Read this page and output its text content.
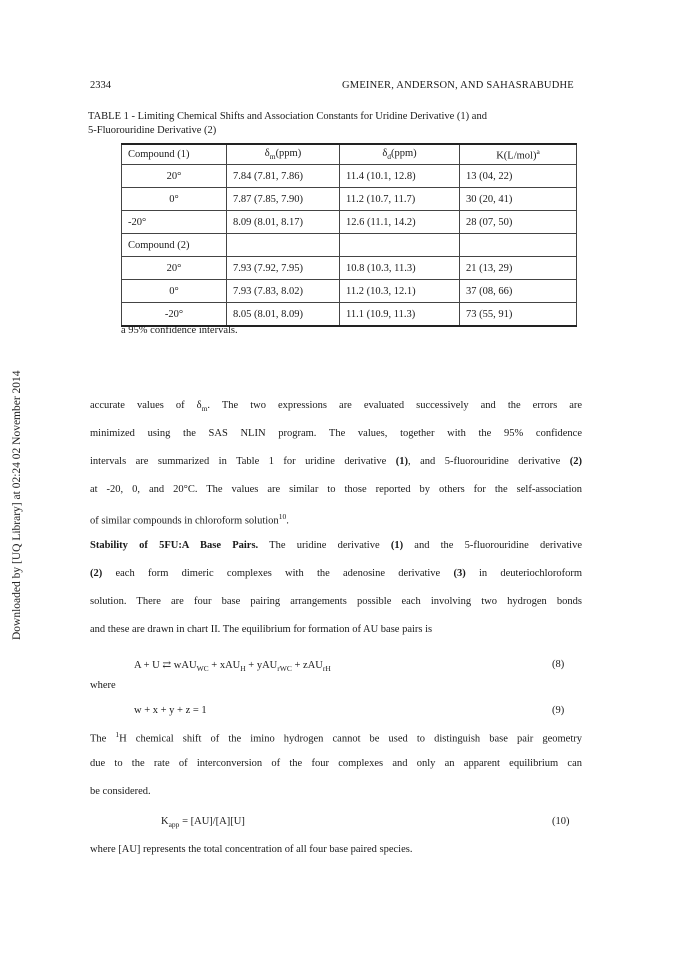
Downloaded by [UQ Library] at 02:24 02 November 2014
2334	GMEINER, ANDERSON, AND SAHASRABUDHE
TABLE 1 - Limiting Chemical Shifts and Association Constants for Uridine Derivative (1) and
5-Fluorouridine Derivative (2)
Compound (1)	$\delta_m(ppm)$	$\delta_d(ppm)$	$K(L/mol)^a$
20°	7.84 (7.81, 7.86)	11.4 (10.1, 12.8)	13 (04, 22)
0°	7.87 (7.85, 7.90)	11.2 (10.7, 11.7)	30 (20, 41)
-20°	8.09 (8.01, 8.17)	12.6 (11.1, 14.2)	28 (07, 50)
Compound (2)			
20°	7.93 (7.92, 7.95)	10.8 (10.3, 11.3)	21 (13, 29)
0°	7.93 (7.83, 8.02)	11.2 (10.3, 12.1)	37 (08, 66)
-20°	8.05 (8.01, 8.09)	11.1 (10.9, 11.3)	73 (55, 91)
a 95% confidence intervals.
accurate values of $\delta_m$. The two expressions are evaluated successively and the errors are
minimized using the SAS NLIN program. The values, together with the 95% confidence
intervals are summarized in Table 1 for uridine derivative (1), and 5-fluorouridine derivative (2)
at -20, 0, and 20°C. The values are similar to those reported by others for the self-association
of similar compounds in chloroform solution$^{10}$.
Stability of 5FU:A Base Pairs. The uridine derivative (1) and the 5-fluorouridine derivative
(2) each form dimeric complexes with the adenosine derivative (3) in deuteriochloroform
solution. There are four base pairing arrangements possible each involving two hydrogen bonds
and these are drawn in chart II. The equilibrium for formation of AU base pairs is
A + U ⇄ wAU$_{WC}$ + xAU$_H$ + yAU$_{rWC}$ + zAU$_{rH}$	(8)
where
w + x + y + z = 1	(9)
The $^1$H chemical shift of the imino hydrogen cannot be used to distinguish base pair geometry
due to the rate of interconversion of the four complexes and only an apparent equilibrium can
be considered.
$K_{app} = [AU]/[A][U]$	(10)
where [AU] represents the total concentration of all four base paired species.
